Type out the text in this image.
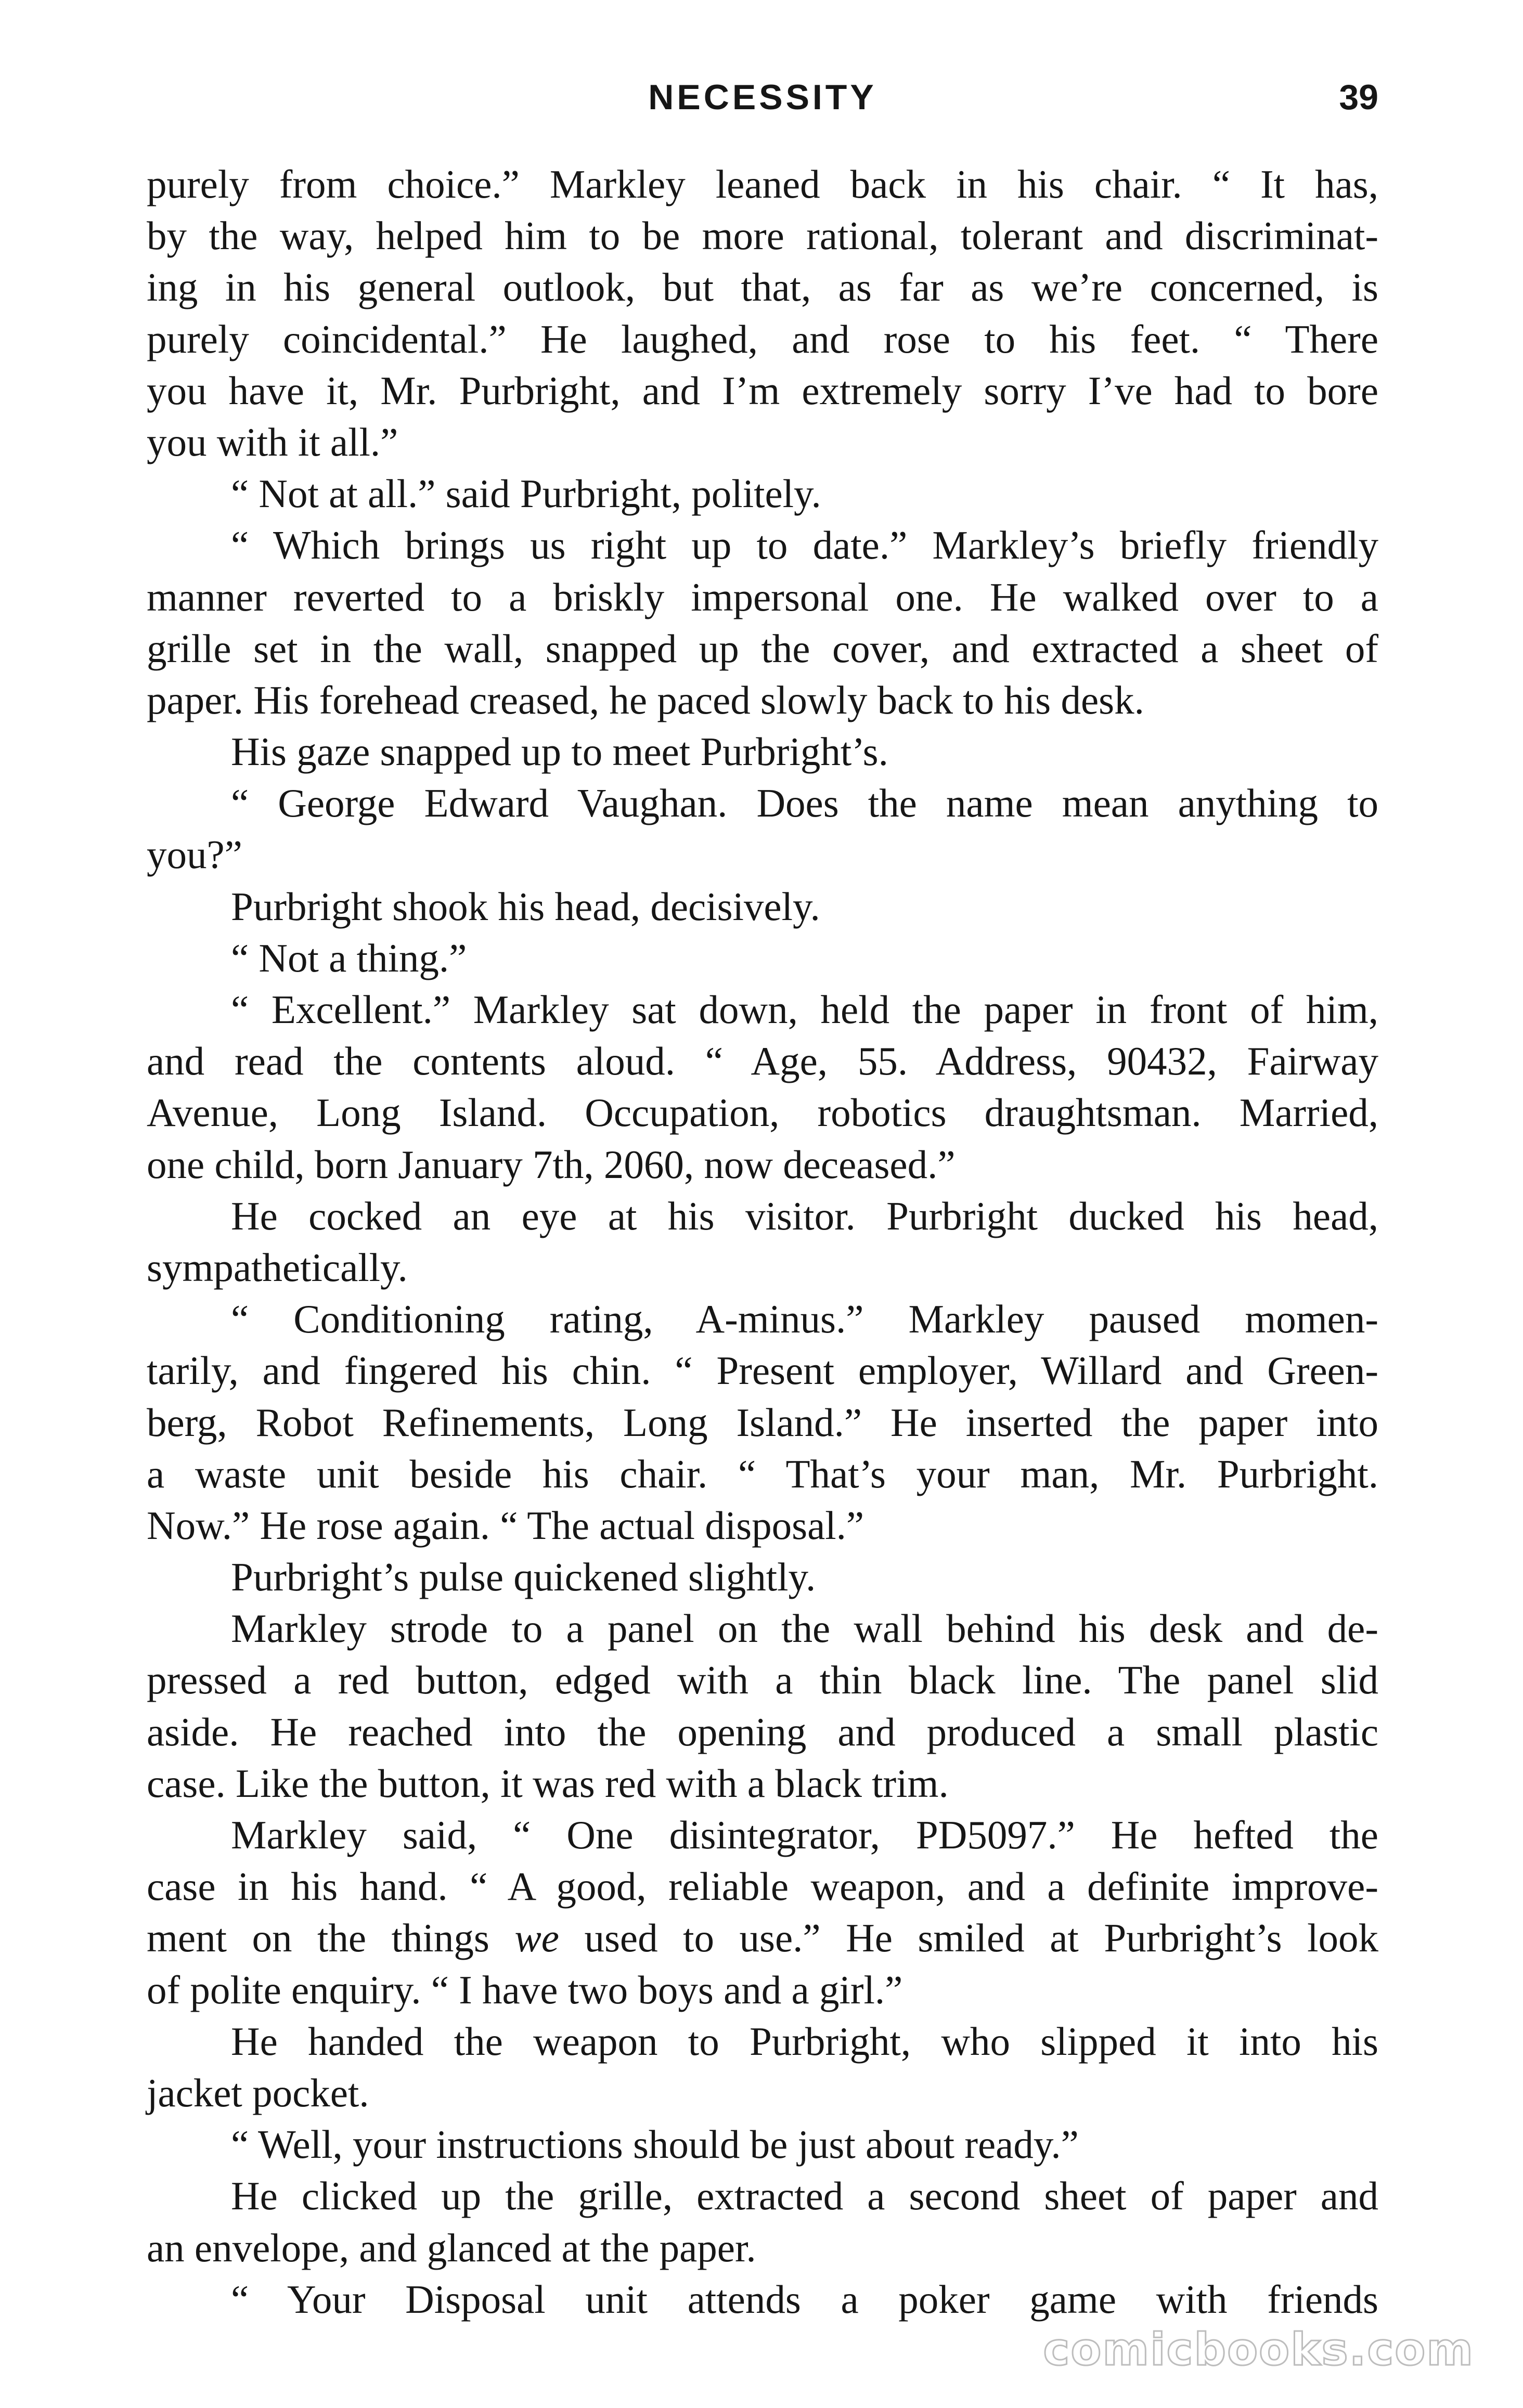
NECESSITY	39
purely from choice.” Markley leaned back in his chair. “ It has,
by the way, helped him to be more rational, tolerant and discriminat-
ing in his general outlook, but that, as far as we’re concerned, is
purely coincidental.” He laughed, and rose to his feet. “ There
you have it, Mr. Purbright, and I’m extremely sorry I’ve had to bore
you with it all.”
“ Not at all.” said Purbright, politely.
“ Which brings us right up to date.” Markley’s briefly friendly
manner reverted to a briskly impersonal one. He walked over to a
grille set in the wall, snapped up the cover, and extracted a sheet of
paper. His forehead creased, he paced slowly back to his desk.
His gaze snapped up to meet Purbright’s.
“ George Edward Vaughan. Does the name mean anything to
you?”
Purbright shook his head, decisively.
“ Not a thing.”
“ Excellent.” Markley sat down, held the paper in front of him,
and read the contents aloud. “ Age, 55. Address, 90432, Fairway
Avenue, Long Island. Occupation, robotics draughtsman. Married,
one child, born January 7th, 2060, now deceased.”
He cocked an eye at his visitor. Purbright ducked his head,
sympathetically.
“ Conditioning rating, A-minus.” Markley paused momen-
tarily, and fingered his chin. “ Present employer, Willard and Green-
berg, Robot Refinements, Long Island.” He inserted the paper into
a waste unit beside his chair. “ That’s your man, Mr. Purbright.
Now.” He rose again. “ The actual disposal.”
Purbright’s pulse quickened slightly.
Markley strode to a panel on the wall behind his desk and de-
pressed a red button, edged with a thin black line. The panel slid
aside. He reached into the opening and produced a small plastic
case. Like the button, it was red with a black trim.
Markley said, “ One disintegrator, PD5097.” He hefted the
case in his hand. “ A good, reliable weapon, and a definite improve-
ment on the things we used to use.” He smiled at Purbright’s look
of polite enquiry. “ I have two boys and a girl.”
He handed the weapon to Purbright, who slipped it into his
jacket pocket.
“ Well, your instructions should be just about ready.”
He clicked up the grille, extracted a second sheet of paper and
an envelope, and glanced at the paper.
“ Your Disposal unit attends a poker game with friends
comicbooks.com
